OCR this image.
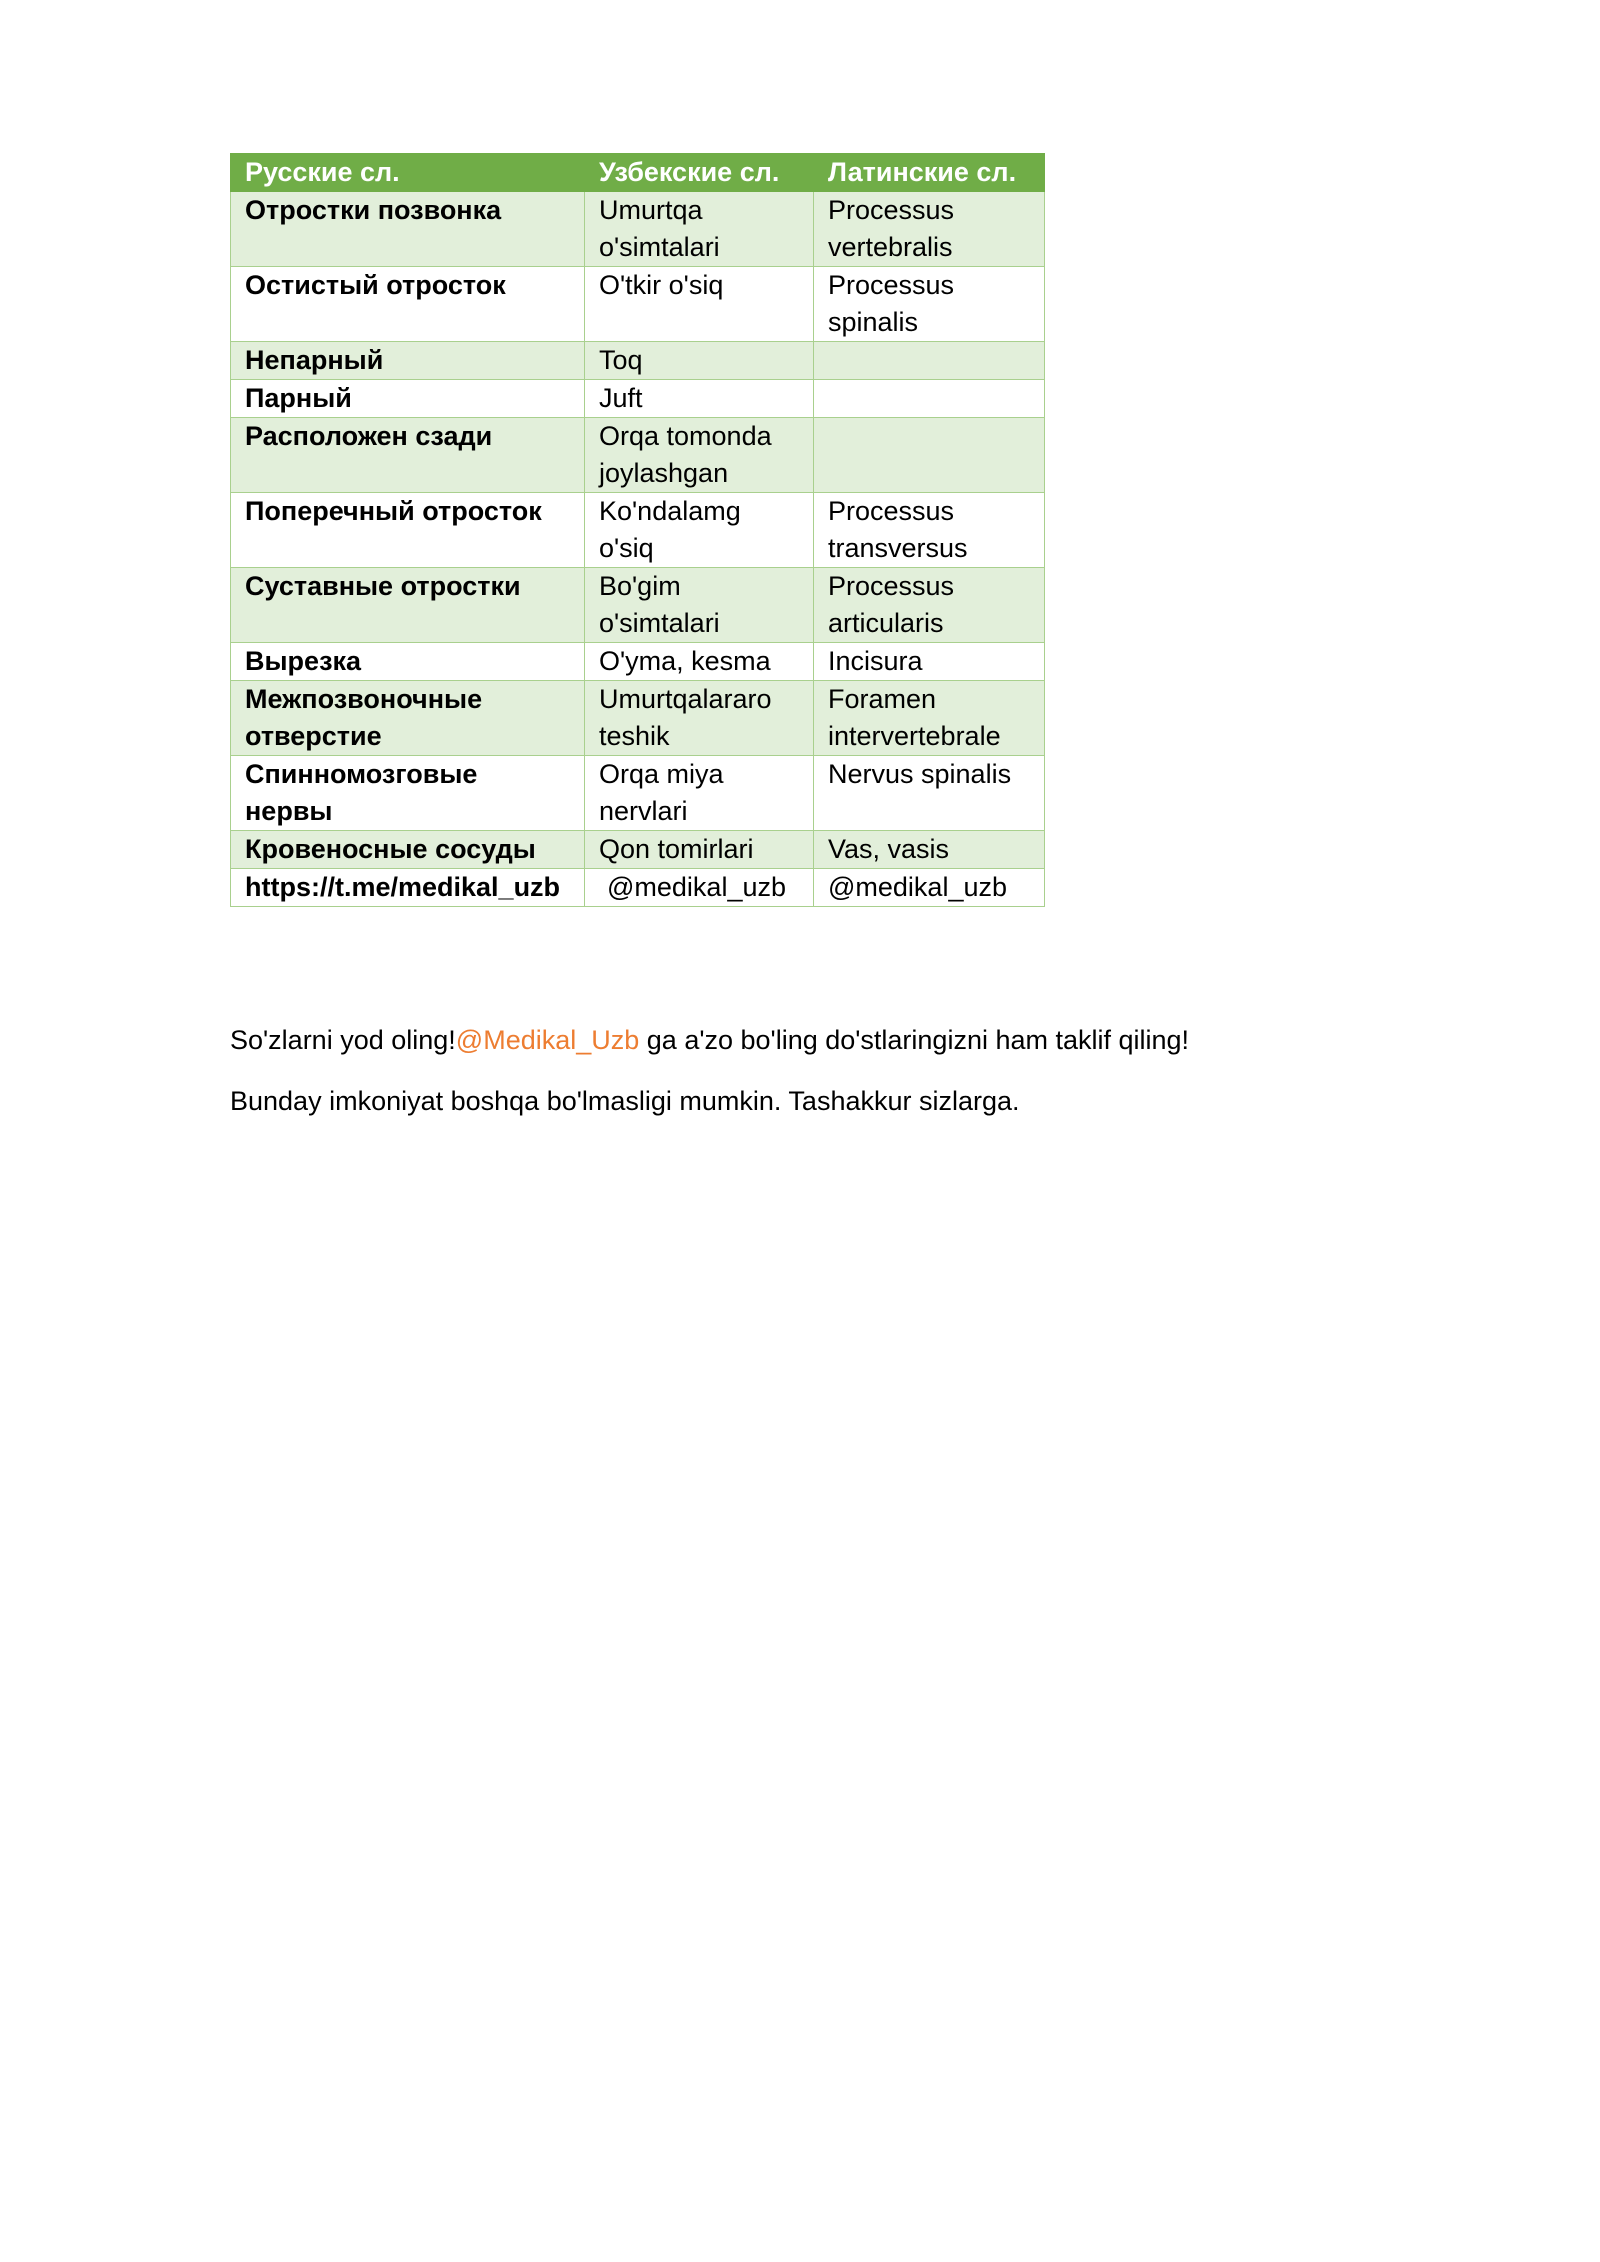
Русские сл.	Узбекские сл.	Латинские сл.
Отростки позвонка	Umurtqa o'simtalari	Processus vertebralis
Остистый отросток	O'tkir o'siq	Processus spinalis
Непарный	Toq	
Парный	Juft	
Расположен сзади	Orqa tomonda joylashgan	
Поперечный отросток	Ko'ndalamg o'siq	Processus transversus
Суставные отростки	Bo'gim o'simtalari	Processus articularis
Вырезка	O'yma, kesma	Incisura
Межпозвоночные отверстие	Umurtqalararo teshik	Foramen intervertebrale
Спинномозговые нервы	Orqa miya nervlari	Nervus spinalis
Кровеносные сосуды	Qon tomirlari	Vas, vasis
https://t.me/medikal_uzb	@medikal_uzb	@medikal_uzb

So'zlarni yod oling!@Medikal_Uzb ga a'zo bo'ling do'stlaringizni ham taklif qiling!

Bunday imkoniyat boshqa bo'lmasligi mumkin. Tashakkur sizlarga.
